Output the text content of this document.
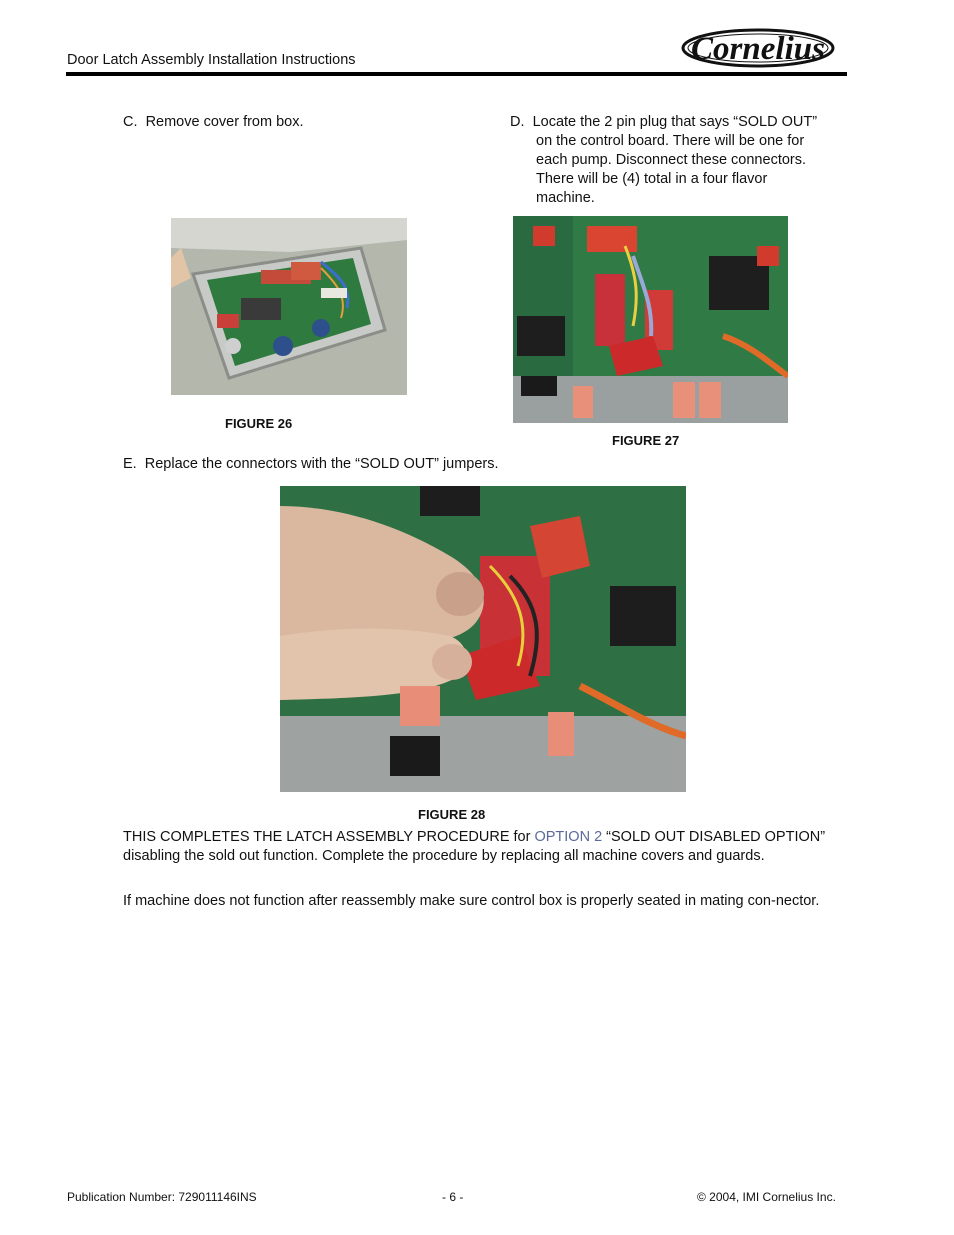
Door Latch Assembly Installation Instructions	Cornelius
C. Remove cover from box.	D. Locate the 2 pin plug that says “SOLD OUT”
on the control board. There will be one for
each pump. Disconnect these connectors.
There will be (4) total in a four flavor
machine.
FIGURE 26
FIGURE 27
E. Replace the connectors with the “SOLD OUT” jumpers.
FIGURE 28
THIS COMPLETES THE LATCH ASSEMBLY PROCEDURE for OPTION 2 “SOLD OUT DISABLED OPTION” disabling the sold out function. Complete the procedure by replacing all machine covers and guards.
If machine does not function after reassembly make sure control box is properly seated in mating con-nector.
Publication Number: 729011146INS	- 6 -	© 2004, IMI Cornelius Inc.
